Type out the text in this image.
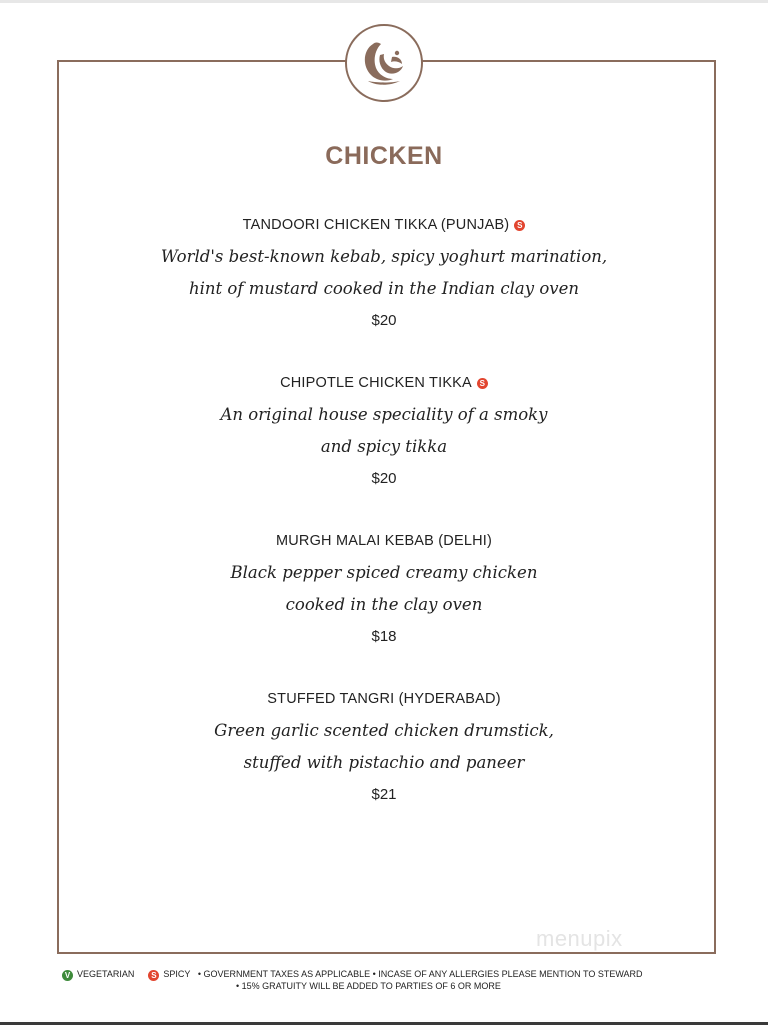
CHICKEN
TANDOORI CHICKEN TIKKA (PUNJAB) S
World's best-known kebab, spicy yoghurt marination,
hint of mustard cooked in the Indian clay oven
$20
CHIPOTLE CHICKEN TIKKA S
An original house speciality of a smoky
and spicy tikka
$20
MURGH MALAI KEBAB (DELHI)
Black pepper spiced creamy chicken
cooked in the clay oven
$18
STUFFED TANGRI (HYDERABAD)
Green garlic scented chicken drumstick,
stuffed with pistachio and paneer
$21
menupix
V VEGETARIAN S SPICY • GOVERNMENT TAXES AS APPLICABLE • INCASE OF ANY ALLERGIES PLEASE MENTION TO STEWARD
• 15% GRATUITY WILL BE ADDED TO PARTIES OF 6 OR MORE
